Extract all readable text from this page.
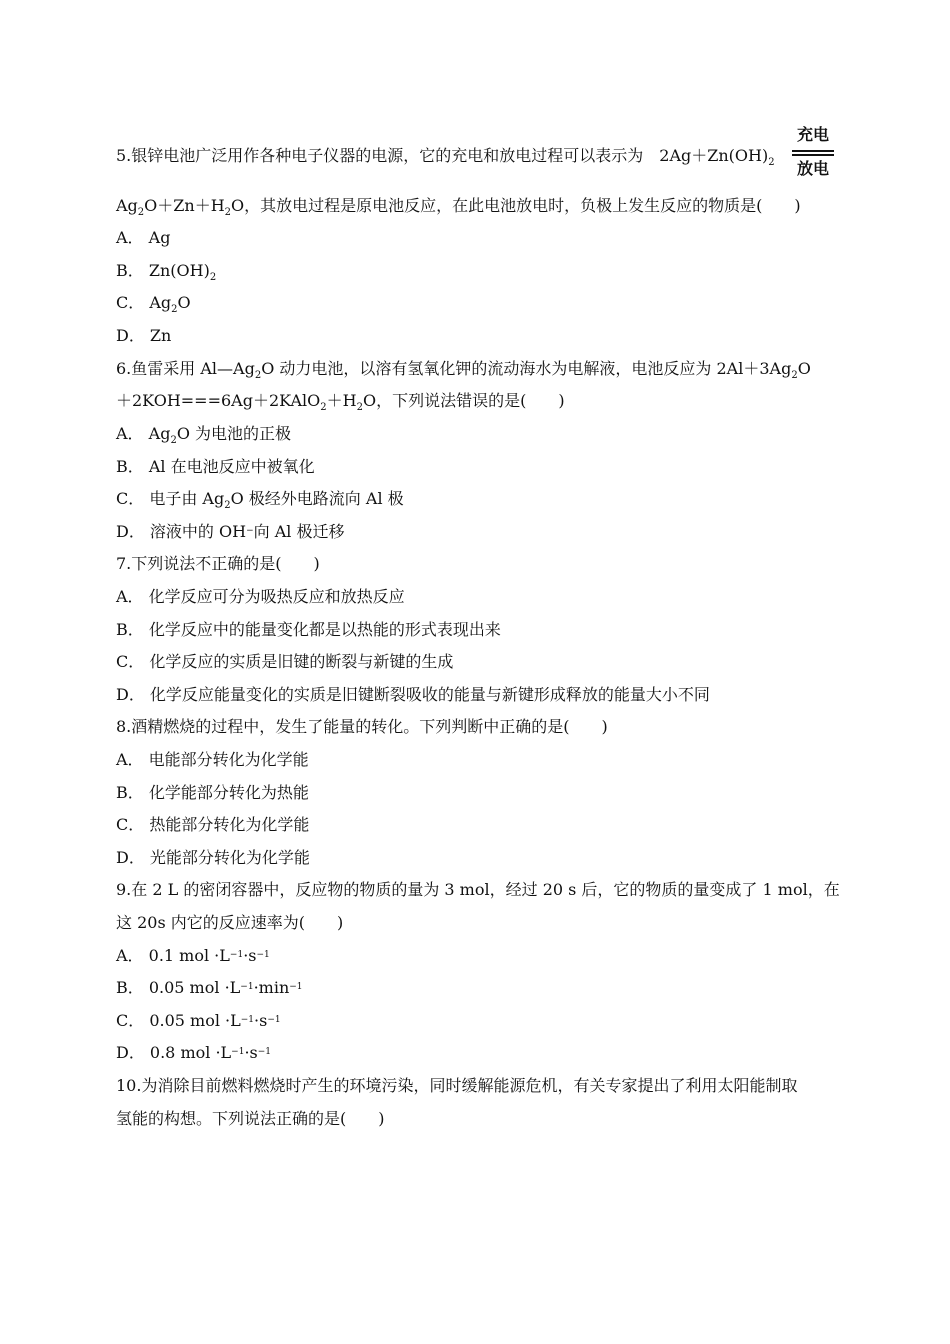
5.银锌电池广泛用作各种电子仪器的电源，它的充电和放电过程可以表示为　$2Ag+Zn(OH)_2$
充电
放电
$Ag_2O+Zn+H_2O$，其放电过程是原电池反应，在此电池放电时，负极上发生反应的物质是(　　)
A． Ag
B． $Zn(OH)_2$
C． $Ag_2O$
D． Zn
6.鱼雷采用 $Al—Ag_2O$ 动力电池，以溶有氢氧化钾的流动海水为电解液，电池反应为 $2Al+3Ag_2O$
$+2KOH===6Ag+2KAlO_2+H_2O$，下列说法错误的是(　　)
A． $Ag_2O$ 为电池的正极
B． Al 在电池反应中被氧化
C． 电子由 $Ag_2O$ 极经外电路流向 Al 极
D． 溶液中的 OH−向 Al 极迁移
7.下列说法不正确的是(　　)
A． 化学反应可分为吸热反应和放热反应
B． 化学反应中的能量变化都是以热能的形式表现出来
C． 化学反应的实质是旧键的断裂与新键的生成
D． 化学反应能量变化的实质是旧键断裂吸收的能量与新键形成释放的能量大小不同
8.酒精燃烧的过程中，发生了能量的转化。下列判断中正确的是(　　)
A． 电能部分转化为化学能
B． 化学能部分转化为热能
C． 热能部分转化为化学能
D． 光能部分转化为化学能
9.在 2 L 的密闭容器中，反应物的物质的量为 3 mol，经过 20 s 后，它的物质的量变成了 1 mol，在
这 20s 内它的反应速率为(　　)
A． 0.1 mol $\cdot L^{-1}\cdot s^{-1}$
B． 0.05 mol $\cdot L^{-1}\cdot\min^{-1}$
C． 0.05 mol $\cdot L^{-1}\cdot s^{-1}$
D． 0.8 mol $\cdot L^{-1}\cdot s^{-1}$
10.为消除目前燃料燃烧时产生的环境污染，同时缓解能源危机，有关专家提出了利用太阳能制取
氢能的构想。下列说法正确的是(　　)
